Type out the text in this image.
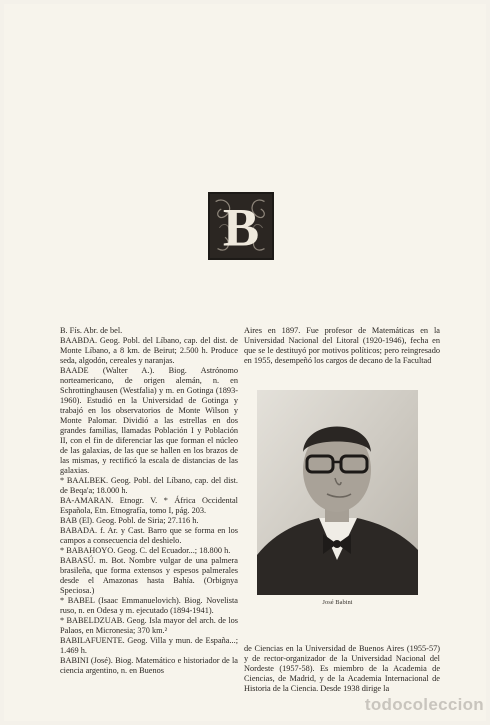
B

B. Fís. Abr. de bel.

BAABDA. Geog. Pobl. del Líbano, cap. del dist. de Monte Líbano, a 8 km. de Beirut; 2.500 h. Produce seda, algodón, cereales y naranjas.

BAADE (Walter A.). Biog. Astrónomo norteamericano, de origen alemán, n. en Schrottinghausen (Westfalia) y m. en Gotinga (1893-1960). Estudió en la Universidad de Gotinga y trabajó en los observatorios de Monte Wilson y Monte Palomar. Dividió a las estrellas en dos grandes familias, llamadas Población I y Población II, con el fin de diferenciar las que forman el núcleo de las galaxias, de las que se hallen en los brazos de las mismas, y rectificó la escala de distancias de las galaxias.

* BAALBEK. Geog. Pobl. del Líbano, cap. del dist. de Beqa'a; 18.000 h.

BA-AMARAN. Etnogr. V. * África Occidental Española, Etn. Etnografía, tomo I, pág. 203.

BAB (El). Geog. Pobl. de Siria; 27.116 h.

BABADA. f. Ar. y Cast. Barro que se forma en los campos a consecuencia del deshielo.

* BABAHOYO. Geog. C. del Ecuador...; 18.800 h.

BABASÚ. m. Bot. Nombre vulgar de una palmera brasileña, que forma extensos y espesos palmerales desde el Amazonas hasta Bahía. (Orbignya Speciosa.)

* BABEL (Isaac Emmanuelovich). Biog. Novelista ruso, n. en Odesa y m. ejecutado (1894-1941).

* BABELDZUAB. Geog. Isla mayor del arch. de los Palaos, en Micronesia; 370 km.²

BABILAFUENTE. Geog. Villa y mun. de España...; 1.469 h.

BABINI (José). Biog. Matemático e historiador de la ciencia argentino, n. en Buenos

Aires en 1897. Fue profesor de Matemáticas en la Universidad Nacional del Litoral (1920-1946), fecha en que se le destituyó por motivos políticos; pero reingresado en 1955, desempeñó los cargos de decano de la Facultad

José Babini

de Ciencias en la Universidad de Buenos Aires (1955-57) y de rector-organizador de la Universidad Nacional del Nordeste (1957-58). Es miembro de la Academia de Ciencias, de Madrid, y de la Academia Internacional de Historia de la Ciencia. Desde 1938 dirige la

todocoleccion
